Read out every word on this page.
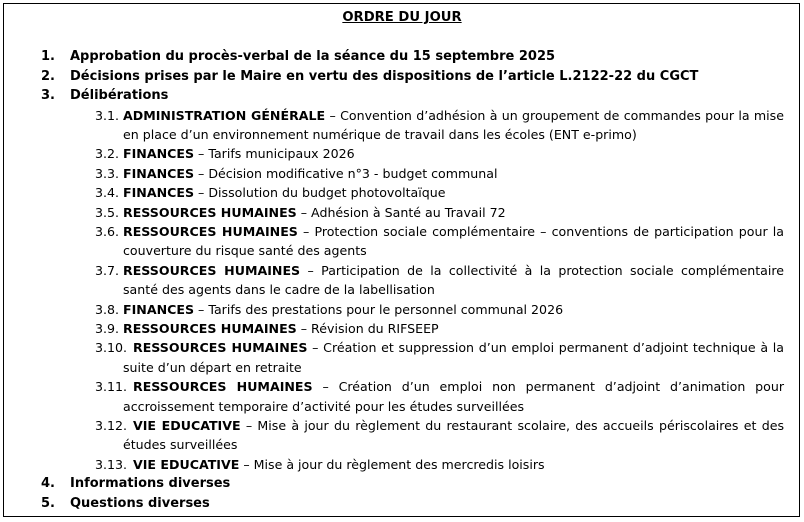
ORDRE DU JOUR
1. Approbation du procès-verbal de la séance du 15 septembre 2025
2. Décisions prises par le Maire en vertu des dispositions de l’article L.2122-22 du CGCT
3. Délibérations
3.1. ADMINISTRATION GÉNÉRALE – Convention d’adhésion à un groupement de commandes pour la mise en place d’un environnement numérique de travail dans les écoles (ENT e-primo)
3.2. FINANCES – Tarifs municipaux 2026
3.3. FINANCES – Décision modificative n°3 - budget communal
3.4. FINANCES – Dissolution du budget photovoltaïque
3.5. RESSOURCES HUMAINES – Adhésion à Santé au Travail 72
3.6. RESSOURCES HUMAINES – Protection sociale complémentaire – conventions de participation pour la couverture du risque santé des agents
3.7. RESSOURCES HUMAINES – Participation de la collectivité à la protection sociale complémentaire santé des agents dans le cadre de la labellisation
3.8. FINANCES – Tarifs des prestations pour le personnel communal 2026
3.9. RESSOURCES HUMAINES – Révision du RIFSEEP
3.10. RESSOURCES HUMAINES – Création et suppression d’un emploi permanent d’adjoint technique à la suite d’un départ en retraite
3.11. RESSOURCES HUMAINES – Création d’un emploi non permanent d’adjoint d’animation pour accroissement temporaire d’activité pour les études surveillées
3.12. VIE EDUCATIVE – Mise à jour du règlement du restaurant scolaire, des accueils périscolaires et des études surveillées
3.13. VIE EDUCATIVE – Mise à jour du règlement des mercredis loisirs
4. Informations diverses
5. Questions diverses
